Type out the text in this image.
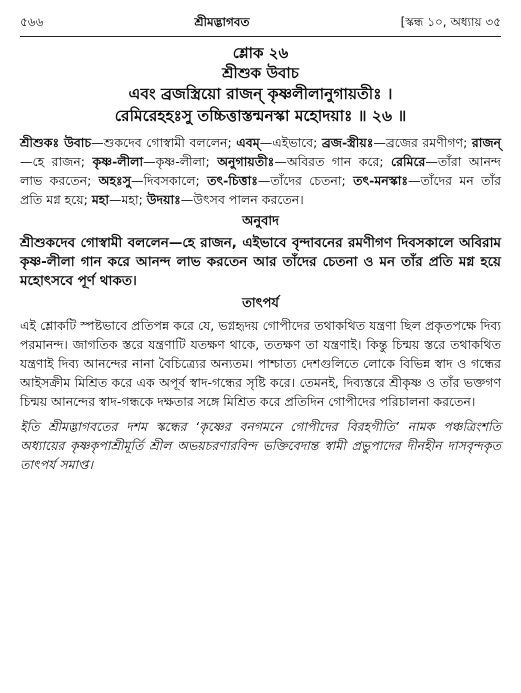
৫৬৬	শ্রীমদ্ভাগবত	[স্কন্ধ ১০, অধ্যায় ৩৫
শ্লোক ২৬
শ্রীশুক উবাচ
এবং ব্রজস্ত্রিয়ো রাজন্ কৃষ্ণলীলানুগায়তীঃ ।
রেমিরেহহঃসু তচ্চিত্তাস্তন্মনস্কা মহোদয়াঃ ॥ ২৬ ॥
শ্রীশুকঃ উবাচ—শুকদেব গোস্বামী বললেন; এবম্—এইভাবে; ব্রজ-স্ত্রীয়ঃ—ব্রজের রমণীগণ; রাজন্—হে রাজন; কৃষ্ণ-লীলা—কৃষ্ণ-লীলা; অনুগায়তীঃ—অবিরত গান করে; রেমিরে—তাঁরা আনন্দ লাভ করতেন; অহঃসু—দিবসকালে; তৎ-চিত্তাঃ—তাঁদের চেতনা; তৎ-মনস্কাঃ—তাঁদের মন তাঁর প্রতি মগ্ন হয়ে; মহা—মহা; উদয়াঃ—উৎসব পালন করতেন।
অনুবাদ
শ্রীশুকদেব গোস্বামী বললেন—হে রাজন, এইভাবে বৃন্দাবনের রমণীগণ দিবসকালে অবিরাম কৃষ্ণ-লীলা গান করে আনন্দ লাভ করতেন আর তাঁদের চেতনা ও মন তাঁর প্রতি মগ্ন হয়ে মহোৎসবে পূর্ণ থাকত।
তাৎপর্য
এই শ্লোকটি স্পষ্টভাবে প্রতিপন্ন করে যে, ভগ্নহৃদয় গোপীদের তথাকথিত যন্ত্রণা ছিল প্রকৃতপক্ষে দিব্য পরমানন্দ। জাগতিক স্তরে যন্ত্রণাটি যতক্ষণ থাকে, ততক্ষণ তা যন্ত্রণাই। কিন্তু চিন্ময় স্তরে তথাকথিত যন্ত্রণাই দিব্য আনন্দের নানা বৈচিত্র্যের অন্যতম। পাশ্চাত্য দেশগুলিতে লোকে বিভিন্ন স্বাদ ও গন্ধের আইসক্রীম মিশ্রিত করে এক অপূর্ব স্বাদ-গন্ধের সৃষ্টি করে। তেমনই, দিব্যস্তরে শ্রীকৃষ্ণ ও তাঁর ভক্তগণ চিন্ময় আনন্দের স্বাদ-গন্ধকে দক্ষতার সঙ্গে মিশ্রিত করে প্রতিদিন গোপীদের পরিচালনা করতেন।
ইতি শ্রীমদ্ভাগবতের দশম স্কন্ধের ‘কৃষ্ণের বনগমনে গোপীদের বিরহগীতি’ নামক পঞ্চত্রিংশতি অধ্যায়ের কৃষ্ণকৃপাশ্রীমূর্তি শ্রীল অভয়চরণারবিন্দ ভক্তিবেদান্ত স্বামী প্রভুপাদের দীনহীন দাসবৃন্দকৃত তাৎপর্য সমাপ্ত।
